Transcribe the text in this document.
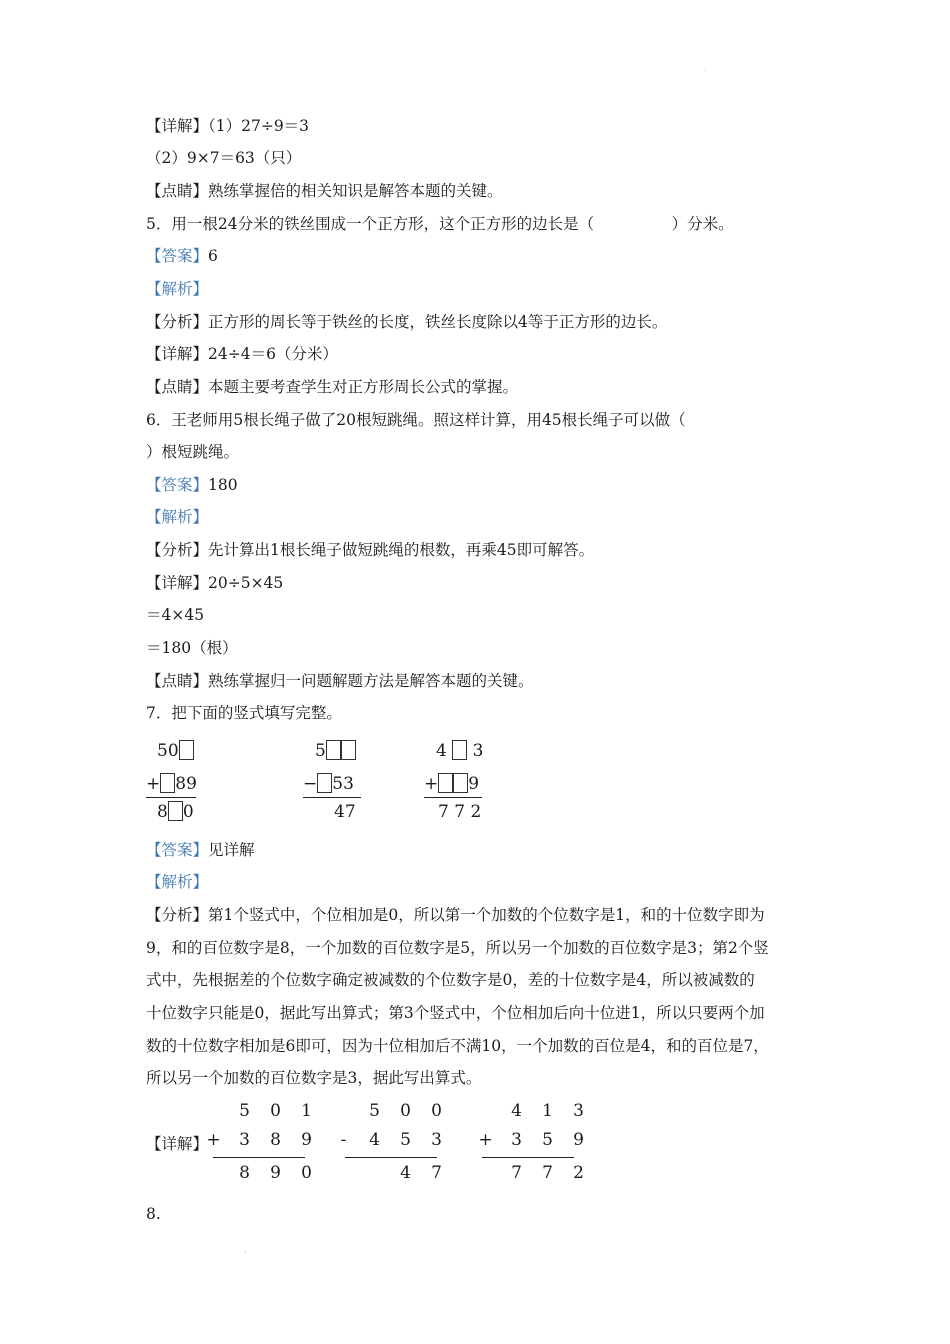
·
·
【详解】（1）27÷9＝3
（2）9×7＝63（只）
【点睛】熟练掌握倍的相关知识是解答本题的关键。
5．用一根24分米的铁丝围成一个正方形，这个正方形的边长是（　　　　　）分米。
【答案】6
【解析】
【分析】正方形的周长等于铁丝的长度，铁丝长度除以4等于正方形的边长。
【详解】24÷4＝6（分米）
【点睛】本题主要考查学生对正方形周长公式的掌握。
6．王老师用5根长绳子做了20根短跳绳。照这样计算，用45根长绳子可以做（
）根短跳绳。
【答案】180
【解析】
【分析】先计算出1根长绳子做短跳绳的根数，再乘45即可解答。
【详解】20÷5×45
＝4×45
＝180（根）
【点睛】熟练掌握归一问题解题方法是解答本题的关键。
7．把下面的竖式填写完整。
50
+ 89
8 0
5
− 53
47
4 3
+ 9
7 7 2
【答案】见详解
【解析】
【分析】第1个竖式中，个位相加是0，所以第一个加数的个位数字是1，和的十位数字即为
9，和的百位数字是8，一个加数的百位数字是5，所以另一个加数的百位数字是3；第2个竖
式中，先根据差的个位数字确定被减数的个位数字是0，差的十位数字是4，所以被减数的
十位数字只能是0，据此写出算式；第3个竖式中，个位相加后向十位进1，所以只要两个加
数的十位数字相加是6即可，因为十位相加后不满10，一个加数的百位是4，和的百位是7，
所以另一个加数的百位数字是3，据此写出算式。
【详解】
5 0 1
+ 3 8 9
8 9 0
5 0 0
- 4 5 3
4 7
4 1 3
+ 3 5 9
7 7 2
8.
